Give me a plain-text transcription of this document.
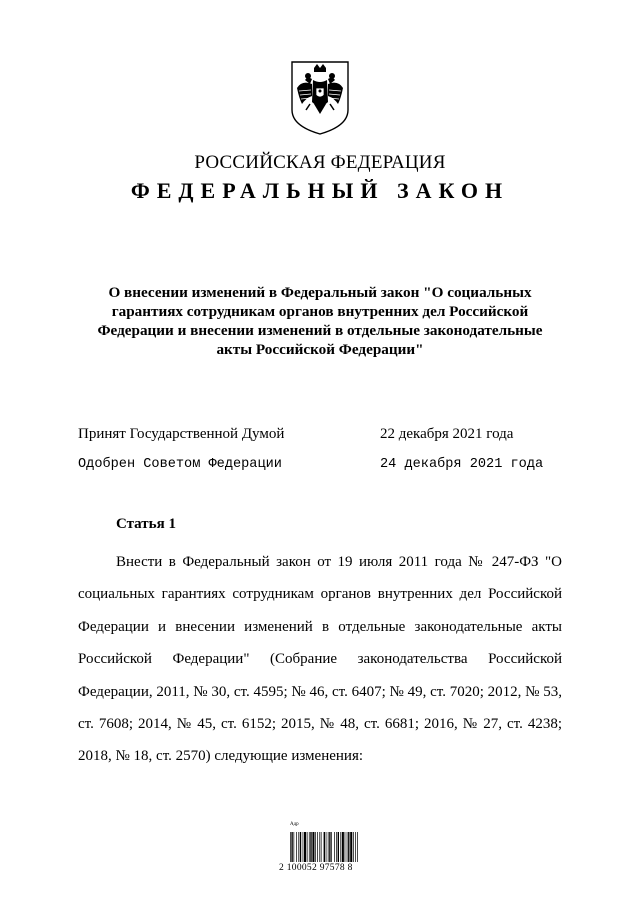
РОССИЙСКАЯ ФЕДЕРАЦИЯ
ФЕДЕРАЛЬНЫЙ ЗАКОН
О внесении изменений в Федеральный закон "О социальных гарантиях сотрудникам органов внутренних дел Российской Федерации и внесении изменений в отдельные законодательные акты Российской Федерации"
Принят Государственной Думой	22 декабря 2021 года
Одобрен Советом Федерации	24 декабря 2021 года
Статья 1
Внести в Федеральный закон от 19 июля 2011 года № 247-ФЗ "О социальных гарантиях сотрудникам органов внутренних дел Российской Федерации и внесении изменений в отдельные законодательные акты Российской Федерации" (Собрание законодательства Российской Федерации, 2011, № 30, ст. 4595; № 46, ст. 6407; № 49, ст. 7020; 2012, № 53, ст. 7608; 2014, № 45, ст. 6152; 2015, № 48, ст. 6681; 2016, № 27, ст. 4238; 2018, № 18, ст. 2570) следующие изменения:
Адр
2 100052 97578 8
